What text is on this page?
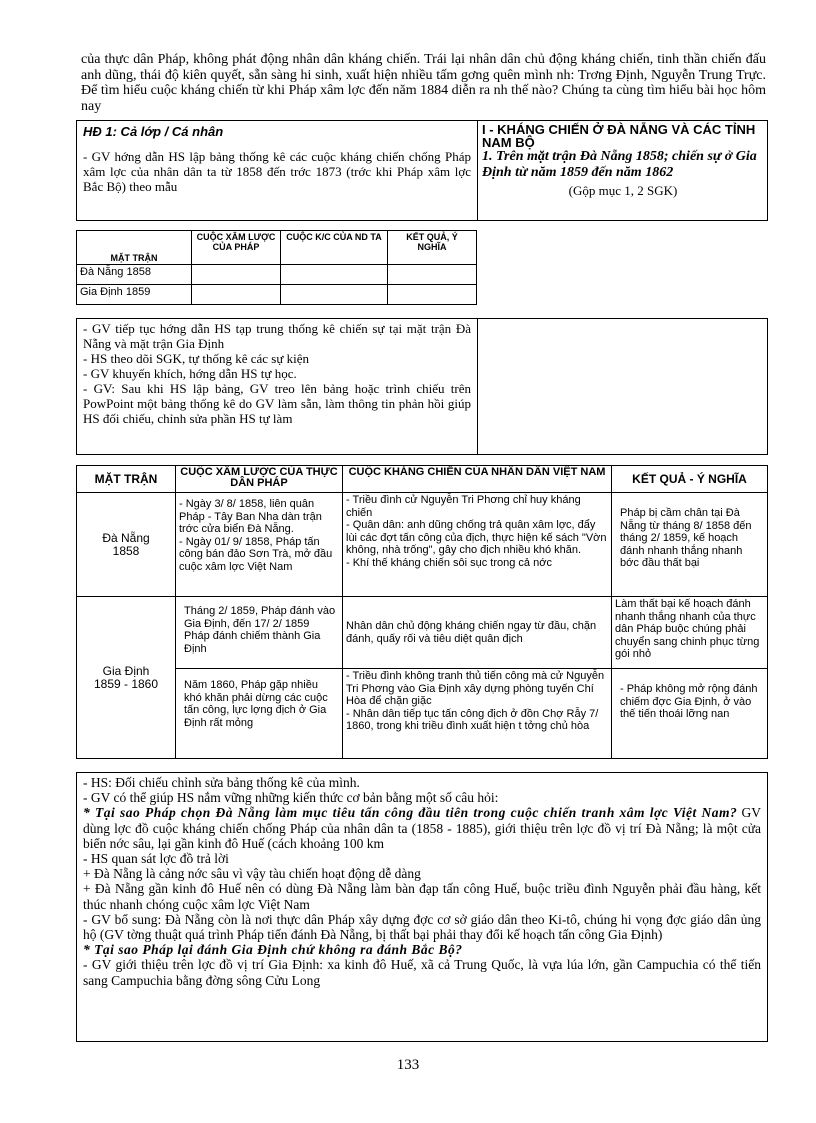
của thực dân Pháp, không phát động nhân dân kháng chiến. Trái lại nhân dân chủ động kháng chiến, tinh thần chiến đấu anh dũng, thái độ kiên quyết, sẵn sàng hi sinh, xuất hiện nhiều tấm gơng quên mình nh: Trơng Định, Nguyễn Trung Trực. Để tìm hiểu cuộc kháng chiến từ khi Pháp xâm lợc đến năm 1884 diễn ra nh thế nào? Chúng ta cùng tìm hiểu bài học hôm nay
HĐ 1: Cả lớp / Cá nhân
- GV hớng dẫn HS lập bảng thống kê các cuộc kháng chiến chống Pháp xâm lợc của nhân dân ta từ 1858 đến trớc 1873 (trớc khi Pháp xâm lợc Bắc Bộ) theo mẫu
I - KHÁNG CHIẾN Ở ĐÀ NẴNG VÀ CÁC TỈNH NAM BỘ
1. Trên mặt trận Đà Nẵng 1858; chiến sự ở Gia Định từ năm 1859 đến năm 1862
(Gộp mục 1, 2 SGK)
MẶT TRẬN	CUỘC XÂM LƯỢC CỦA PHÁP	CUỘC K/C CỦA ND TA	KẾT QUẢ, Ý NGHĨA
Đà Nẵng 1858			
Gia Định 1859			

- GV tiếp tục hớng dẫn HS tạp trung thống kê chiến sự tại mặt trận Đà Nẵng và mặt trận Gia Định

- HS theo dõi SGK, tự thống kê các sự kiện

- GV khuyến khích, hớng dẫn HS tự học.

- GV: Sau khi HS lập bảng, GV treo lên bảng hoặc trình chiếu trên PowPoint một bảng thống kê do GV làm sẵn, làm thông tin phản hồi giúp HS đối chiếu, chỉnh sửa phần HS tự làm

MẶT TRẬN	CUỘC XÂM LƯỢC CỦA THỰC DÂN PHÁP	CUỘC KHÁNG CHIẾN CỦA NHÂN DÂN VIỆT NAM	KẾT QUẢ - Ý NGHĨA
Đà Nẵng 1858	- Ngày 3/ 8/ 1858, liên quân Pháp - Tây Ban Nha dàn trận trớc cửa biển Đà Nẵng.
- Ngày 01/ 9/ 1858, Pháp tấn công bán đảo Sơn Trà, mở đầu cuộc xâm lợc Việt Nam	- Triều đình cử Nguyễn Tri Phơng chỉ huy kháng chiến
- Quân dân: anh dũng chống trả quân xâm lợc, đẩy lùi các đợt tấn công của địch, thực hiện kế sách "Vờn không, nhà trống", gây cho địch nhiều khó khăn.
- Khí thế kháng chiến sôi sục trong cả nớc	Pháp bị cầm chân tại Đà Nẵng từ tháng 8/ 1858 đến tháng 2/ 1859, kế hoạch đánh nhanh thắng nhanh bớc đầu thất bại
Gia Định 1859 - 1860	Tháng 2/ 1859, Pháp đánh vào Gia Định, đến 17/ 2/ 1859 Pháp đánh chiếm thành Gia Định	Nhân dân chủ động kháng chiến ngay từ đầu, chặn đánh, quấy rối và tiêu diệt quân địch	Làm thất bại kế hoạch đánh nhanh thắng nhanh của thực dân Pháp buộc chúng phải chuyển sang chinh phục từng gói nhỏ
	Năm 1860, Pháp gặp nhiều khó khăn phải dừng các cuộc tấn công, lực lợng địch ở Gia Định rất mỏng	- Triều đình không tranh thủ tiến công mà cử Nguyễn Tri Phơng vào Gia Định xây dựng phòng tuyến Chí Hòa để chặn giặc
- Nhân dân tiếp tục tấn công địch ở đồn Chợ Rẫy 7/ 1860, trong khi triều đình xuất hiện t tởng chủ hòa	- Pháp không mở rộng đánh chiếm đợc Gia Định, ở vào thế tiến thoái lỡng nan

- HS: Đối chiếu chỉnh sửa bảng thống kê của mình.

- GV có thể giúp HS nắm vững những kiến thức cơ bản bằng một số câu hỏi:

* Tại sao Pháp chọn Đà Nẵng làm mục tiêu tấn công đầu tiên trong cuộc chiến tranh xâm lợc Việt Nam? GV dùng lợc đồ cuộc kháng chiến chống Pháp của nhân dân ta (1858 - 1885), giới thiệu trên lợc đồ vị trí Đà Nẵng; là một cửa biển nớc sâu, lại gần kinh đô Huế (cách khoảng 100 km

- HS quan sát lợc đồ trả lời

+ Đà Nẵng là cảng nớc sâu vì vậy tàu chiến hoạt động dễ dàng

+ Đà Nẵng gần kinh đô Huế nên có dùng Đà Nẵng làm bàn đạp tấn công Huế, buộc triều đình Nguyễn phải đầu hàng, kết thúc nhanh chóng cuộc xâm lợc Việt Nam

- GV bổ sung: Đà Nẵng còn là nơi thực dân Pháp xây dựng đợc cơ sở giáo dân theo Ki-tô, chúng hi vọng đợc giáo dân ủng hộ (GV tờng thuật quá trình Pháp tiến đánh Đà Nẵng, bị thất bại phải thay đổi kế hoạch tấn công Gia Định)

* Tại sao Pháp lại đánh Gia Định chứ không ra đánh Bắc Bộ?

- GV giới thiệu trên lợc đồ vị trí Gia Định: xa kinh đô Huế, xã cả Trung Quốc, là vựa lúa lớn, gần Campuchia có thể tiến sang Campuchia bằng đờng sông Cửu Long

133
